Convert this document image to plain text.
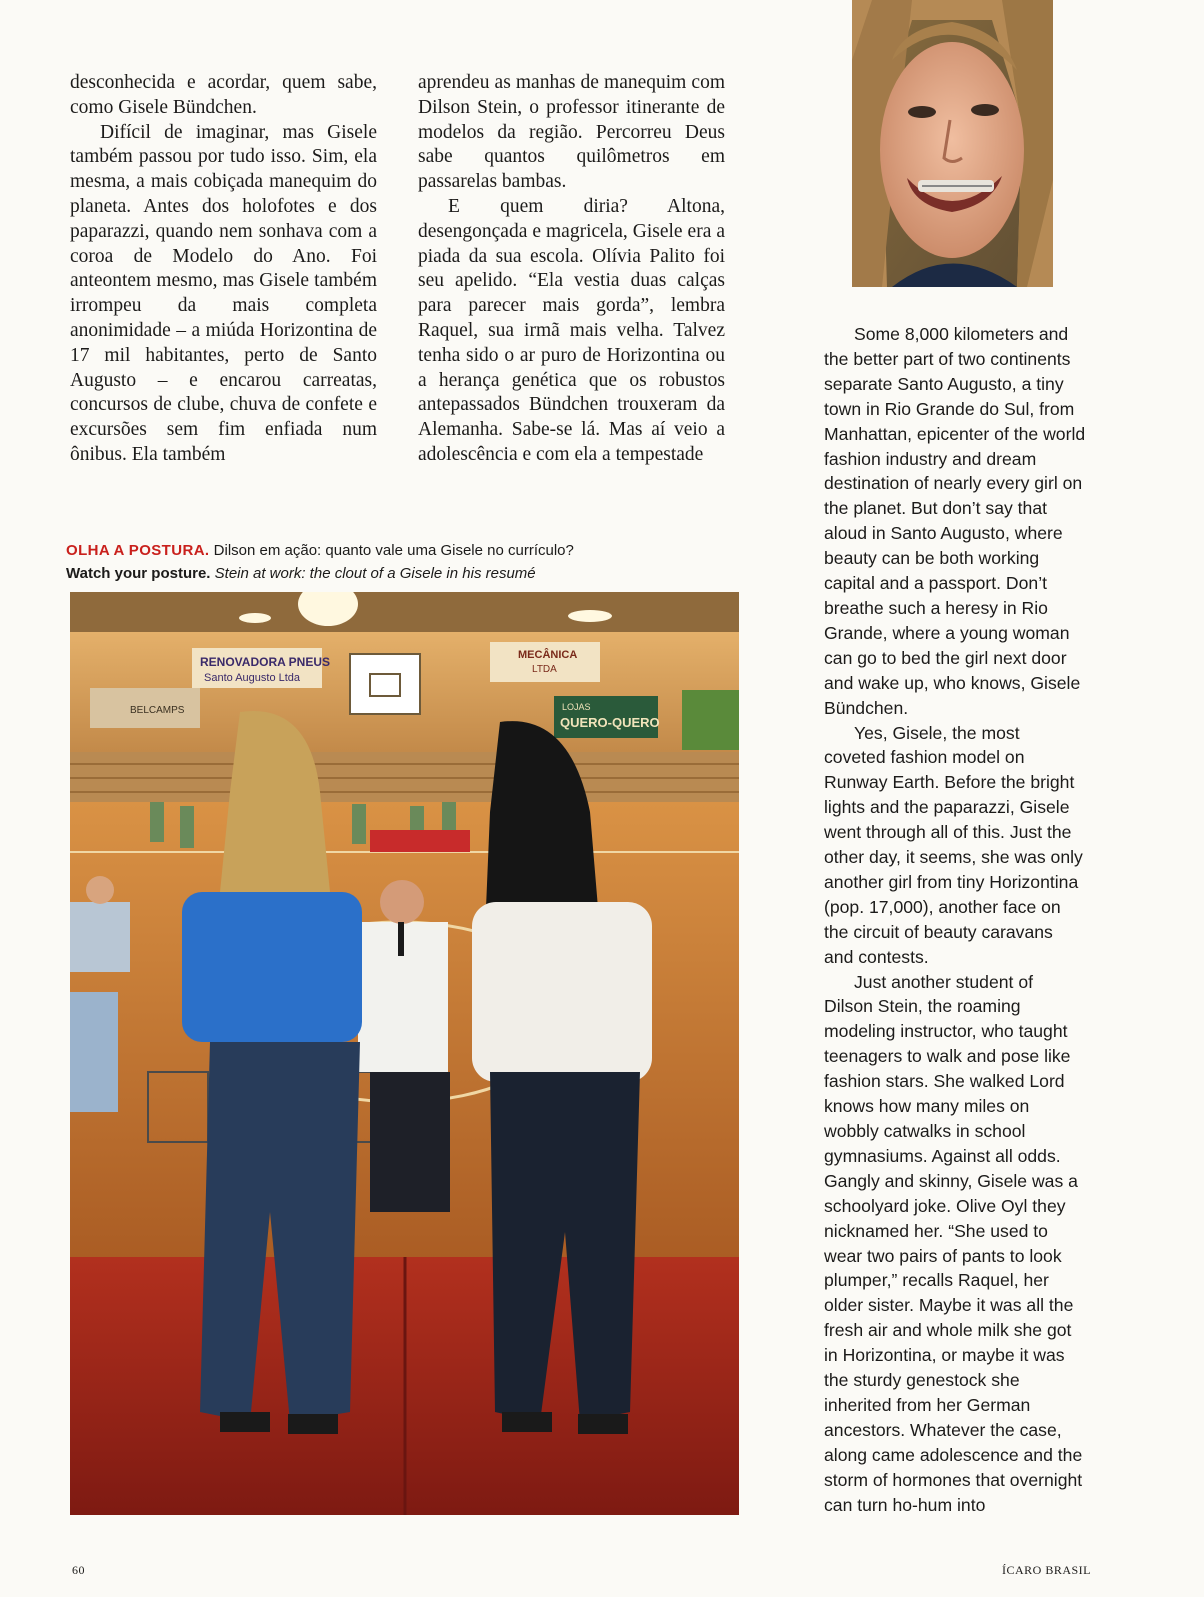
desconhecida e acordar, quem sabe, como Gisele Bündchen.

Difícil de imaginar, mas Gisele também passou por tudo isso. Sim, ela mesma, a mais cobiçada manequim do planeta. Antes dos holofotes e dos paparazzi, quando nem sonhava com a coroa de Modelo do Ano. Foi anteontem mesmo, mas Gisele também irrompeu da mais completa anonimidade – a miúda Horizontina de 17 mil habitantes, perto de Santo Augusto – e encarou carreatas, concursos de clube, chuva de confete e excursões sem fim enfiada num ônibus. Ela também

aprendeu as manhas de manequim com Dilson Stein, o professor itinerante de modelos da região. Percorreu Deus sabe quantos quilômetros em passarelas bambas.

E quem diria? Altona, desengonçada e magricela, Gisele era a piada da sua escola. Olívia Palito foi seu apelido. “Ela vestia duas calças para parecer mais gorda”, lembra Raquel, sua irmã mais velha. Talvez tenha sido o ar puro de Horizontina ou a herança genética que os robustos antepassados Bündchen trouxeram da Alemanha. Sabe-se lá. Mas aí veio a adolescência e com ela a tempestade

Some 8,000 kilometers and the better part of two continents separate Santo Augusto, a tiny town in Rio Grande do Sul, from Manhattan, epicenter of the world fashion industry and dream destination of nearly every girl on the planet. But don’t say that aloud in Santo Augusto, where beauty can be both working capital and a passport. Don’t breathe such a heresy in Rio Grande, where a young woman can go to bed the girl next door and wake up, who knows, Gisele Bündchen.

Yes, Gisele, the most coveted fashion model on Runway Earth. Before the bright lights and the paparazzi, Gisele went through all of this. Just the other day, it seems, she was only another girl from tiny Horizontina (pop. 17,000), another face on the circuit of beauty caravans and contests.

Just another student of Dilson Stein, the roaming modeling instructor, who taught teenagers to walk and pose like fashion stars. She walked Lord knows how many miles on wobbly catwalks in school gymnasiums. Against all odds. Gangly and skinny, Gisele was a schoolyard joke. Olive Oyl they nicknamed her. “She used to wear two pairs of pants to look plumper,” recalls Raquel, her older sister. Maybe it was all the fresh air and whole milk she got in Horizontina, or maybe it was the sturdy genestock she inherited from her German ancestors. Whatever the case, along came adolescence and the storm of hormones that overnight can turn ho-hum into

OLHA A POSTURA. Dilson em ação: quanto vale uma Gisele no currículo?
Watch your posture. Stein at work: the clout of a Gisele in his resumé
RENOVADORA PNEUS
Santo Augusto Ltda
MECÂNICA
LTDA
LOJAS
QUERO-QUERO
BELCAMPS
60	ÍCARO BRASIL
